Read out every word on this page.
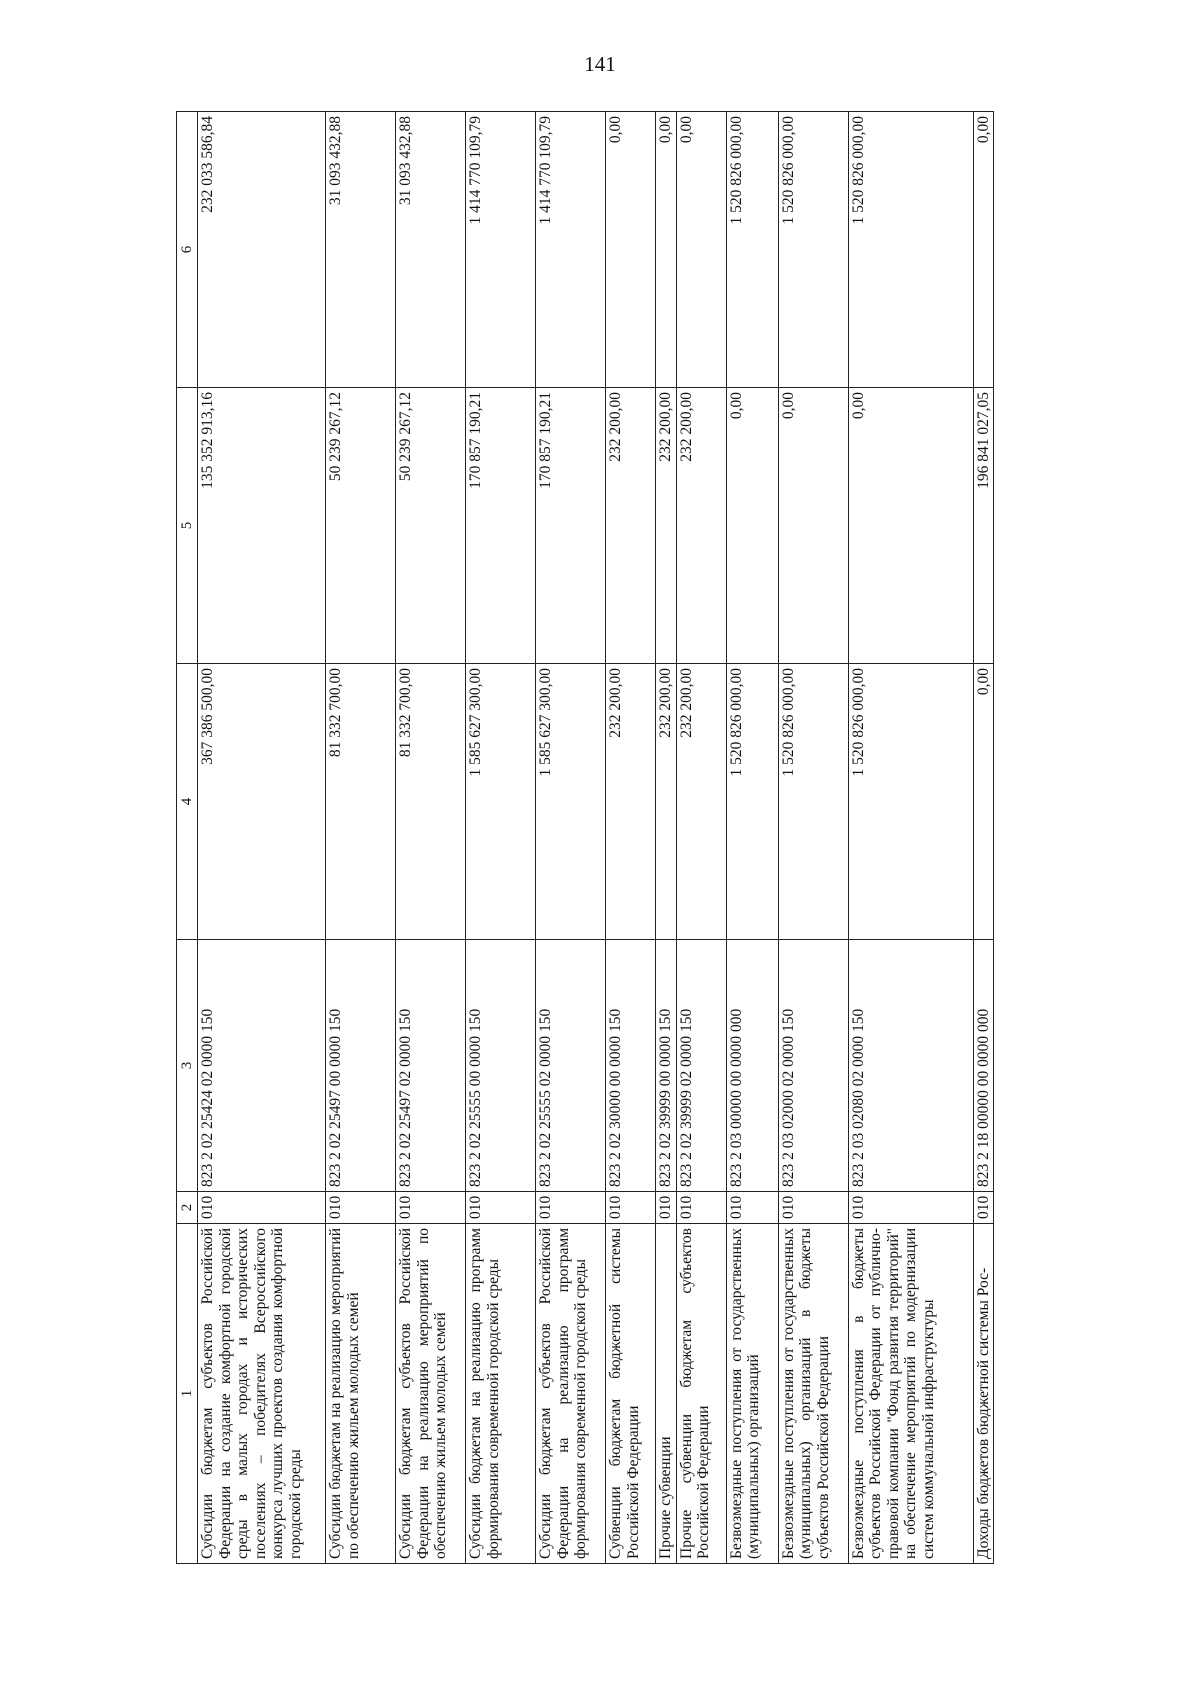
141
1	2	3	4	5	6
Субсидии бюджетам субъектов Российской Федерации на создание комфортной городской среды в малых городах и исторических поселениях – победителях Всероссийского конкурса лучших проектов создания комфортной городской среды	010	823 2 02 25424 02 0000 150	367 386 500,00	135 352 913,16	232 033 586,84
Субсидии бюджетам на реализацию мероприятий по обеспечению жильем молодых семей	010	823 2 02 25497 00 0000 150	81 332 700,00	50 239 267,12	31 093 432,88
Субсидии бюджетам субъектов Российской Федерации на реализацию мероприятий по обеспечению жильем молодых семей	010	823 2 02 25497 02 0000 150	81 332 700,00	50 239 267,12	31 093 432,88
Субсидии бюджетам на реализацию программ формирования современной городской среды	010	823 2 02 25555 00 0000 150	1 585 627 300,00	170 857 190,21	1 414 770 109,79
Субсидии бюджетам субъектов Российской Федерации на реализацию программ формирования современной городской среды	010	823 2 02 25555 02 0000 150	1 585 627 300,00	170 857 190,21	1 414 770 109,79
Субвенции бюджетам бюджетной системы Российской Федерации	010	823 2 02 30000 00 0000 150	232 200,00	232 200,00	0,00
Прочие субвенции	010	823 2 02 39999 00 0000 150	232 200,00	232 200,00	0,00
Прочие субвенции бюджетам субъектов Российской Федерации	010	823 2 02 39999 02 0000 150	232 200,00	232 200,00	0,00
Безвозмездные поступления от государственных (муниципальных) организаций	010	823 2 03 00000 00 0000 000	1 520 826 000,00	0,00	1 520 826 000,00
Безвозмездные поступления от государственных (муниципальных) организаций в бюджеты субъектов Российской Федерации	010	823 2 03 02000 02 0000 150	1 520 826 000,00	0,00	1 520 826 000,00
Безвозмездные поступления в бюджеты субъектов Российской Федерации от публично-правовой компании "Фонд развития территорий" на обеспечение мероприятий по модернизации систем коммунальной инфраструктуры	010	823 2 03 02080 02 0000 150	1 520 826 000,00	0,00	1 520 826 000,00
Доходы бюджетов бюджетной системы Рос-	010	823 2 18 00000 00 0000 000	0,00	196 841 027,05	0,00
